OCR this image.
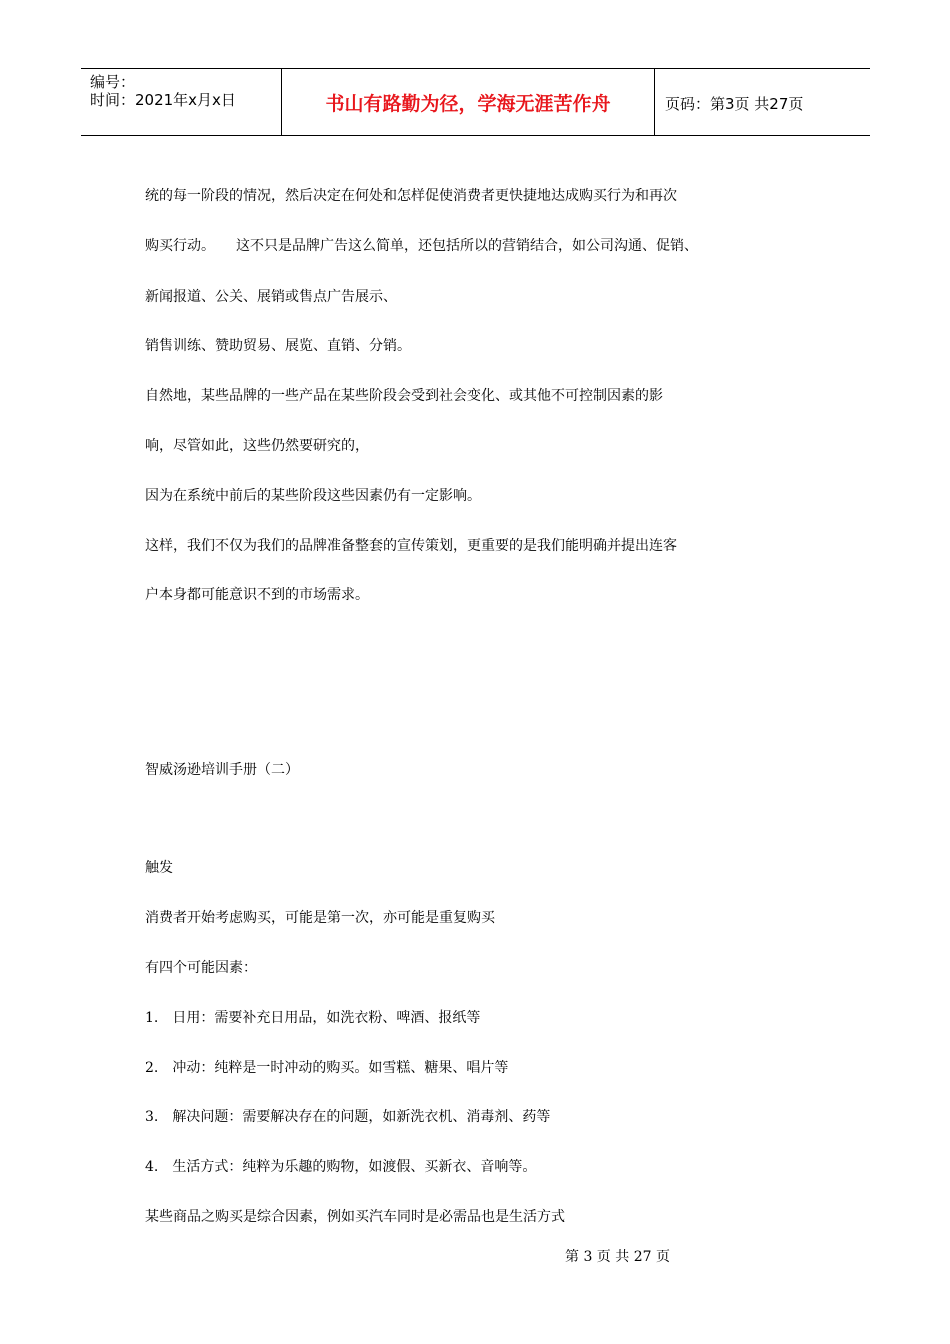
编号：
时间：2021年x月x日	书山有路勤为径，学海无涯苦作舟	页码：第3页 共27页
统的每一阶段的情况，然后决定在何处和怎样促使消费者更快捷地达成购买行为和再次
购买行动。　　这不只是品牌广告这么简单，还包括所以的营销结合，如公司沟通、促销、
新闻报道、公关、展销或售点广告展示、
销售训练、赞助贸易、展览、直销、分销。
自然地，某些品牌的一些产品在某些阶段会受到社会变化、或其他不可控制因素的影
响，尽管如此，这些仍然要研究的，
因为在系统中前后的某些阶段这些因素仍有一定影响。
这样，我们不仅为我们的品牌准备整套的宣传策划，更重要的是我们能明确并提出连客
户本身都可能意识不到的市场需求。
智威汤逊培训手册（二）
触发
消费者开始考虑购买，可能是第一次，亦可能是重复购买
有四个可能因素：
1.　日用：需要补充日用品，如洗衣粉、啤酒、报纸等
2.　冲动：纯粹是一时冲动的购买。如雪糕、糖果、唱片等
3.　解决问题：需要解决存在的问题，如新洗衣机、消毒剂、药等
4.　生活方式：纯粹为乐趣的购物，如渡假、买新衣、音响等。
某些商品之购买是综合因素，例如买汽车同时是必需品也是生活方式
第 3 页 共 27 页
